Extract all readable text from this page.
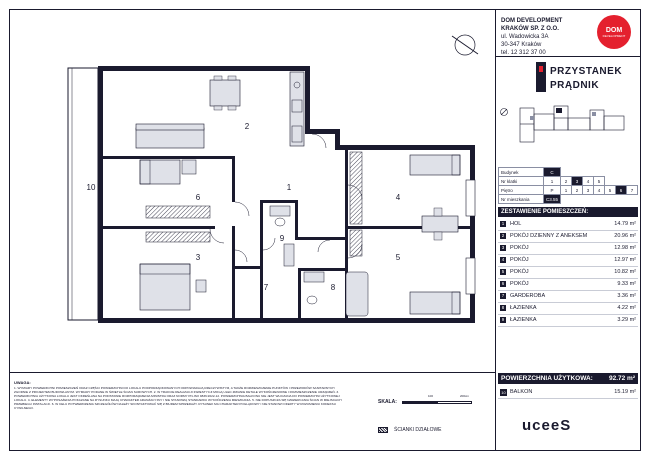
DOM DEVELOPMENT
KRAKÓW SP. Z O.O.
ul. Wadowicka 3A
30-347 Kraków
tel. 12 312 37 00
DOM
DEVELOPMENT
PRZYSTANEK
PRĄDNIK
Budynek	C							
Nr klatki	1	2	3	4	5			
Piętro	P	1	2	3	4	5	6	7
Nr mieszkania	C3.55							
ZESTAWIENIE POMIESZCZEŃ:
1	HOL	14.79 m²
2	POKÓJ DZIENNY Z ANEKSEM	20.96 m²
3	POKÓJ	12.98 m²
4	POKÓJ	12.97 m²
5	POKÓJ	10.82 m²
6	POKÓJ	9.33 m²
7	GARDEROBA	3.36 m²
8	ŁAZIENKA	4.22 m²
9	ŁAZIENKA	3.29 m²
POWIERZCHNIA UŻYTKOWA: 92.72 m²
10 BALKON	15.19 m²
uceeS
UWAGA:
1. WYMIARY POWIERZCHNI POMIESZCZEŃ ORAZ CZĘŚCI POWIERZCHNI DO LOKALU PODPORZĄDKOWANYCH ODPOWIADAJĄ RZECZYWISTYM, A TAKŻE ROZMIESZCZENIE PUNKTÓW I PRZEWODÓW SANITARNYCH ZGODNIE Z PROJEKTEM BUDOWLANYM. WYMIARY PODANE W ŚWIETLE ŚCIAN SUROWYCH. 2. W TRAKCIE REALIZACJI INWESTYCJI MOGĄ ULEC ZMIANIE DETALE WYKOŃCZENIOWE I ROZMIESZCZENIE URZĄDZEŃ. 3. POWIERZCHNIA UŻYTKOWA LOKALU JEST OKREŚLANA NA PODSTAWIE ROZPORZĄDZENIA MINISTRA ORAZ NORMY PN-ISO 9836:2022-12. POWIERZCHNIA BALKONU NIE JEST WLICZANA DO POWIERZCHNI UŻYTKOWEJ LOKALU. 4. ELEMENTY WYPOSAŻENIA POKAZANE NA RYSUNKU MAJĄ CHARAKTER ARANŻACYJNY I NIE STANOWIĄ STANDARDU WYKOŃCZENIA MIESZKANIA. 5. NIE DOPUSZCZA SIĘ NAWIERCANIA ŚCIAN W MIEJSCACH PRZEBIEGU INSTALACJI. 6. W CELU POTWIERDZENIA SZCZEGÓŁÓW NALEŻY SKONTAKTOWAĆ SIĘ Z BIUREM SPRZEDAŻY. RYSUNEK MA CHARAKTER POGLĄDOWY I NIE STANOWI OFERTY W ROZUMIENIU KODEKSU CYWILNEGO.
SKALA:
100	200cm
ŚCIANKI DZIAŁOWE
1
2
3
4
5
6
7	8
9
10
